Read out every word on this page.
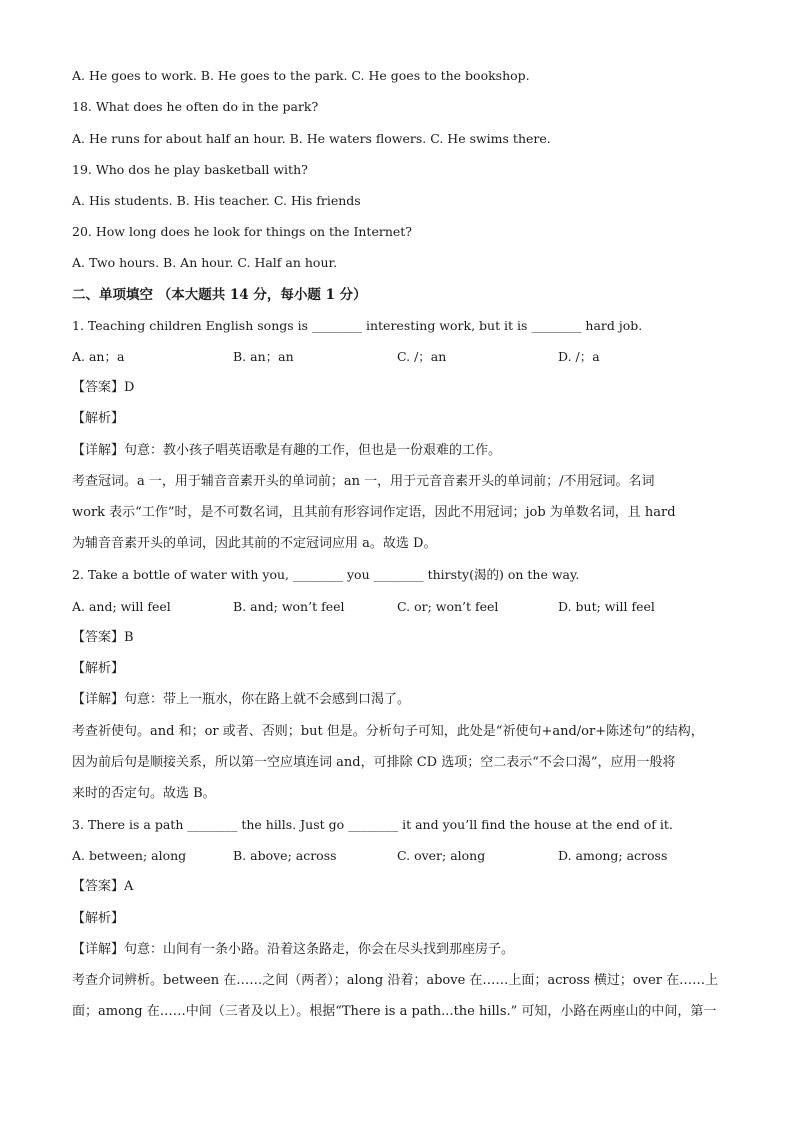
A. He goes to work. B. He goes to the park. C. He goes to the bookshop.
18. What does he often do in the park?
A. He runs for about half an hour. B. He waters flowers. C. He swims there.
19. Who dos he play basketball with?
A. His students. B. His teacher. C. His friends
20. How long does he look for things on the Internet?
A. Two hours. B. An hour. C. Half an hour.
二、单项填空 （本大题共 14 分，每小题 1 分）
1. Teaching children English songs is ________ interesting work, but it is ________ hard job.
A. an；a	B. an；an	C. /；an	D. /；a
【答案】D
【解析】
【详解】句意：教小孩子唱英语歌是有趣的工作，但也是一份艰难的工作。
考查冠词。a 一，用于辅音音素开头的单词前；an 一，用于元音音素开头的单词前；/不用冠词。名词
work 表示“工作”时，是不可数名词，且其前有形容词作定语，因此不用冠词；job 为单数名词，且 hard
为辅音音素开头的单词，因此其前的不定冠词应用 a。故选 D。
2. Take a bottle of water with you, ________ you ________ thirsty(渴的) on the way.
A. and; will feel	B. and; won’t feel	C. or; won’t feel	D. but; will feel
【答案】B
【解析】
【详解】句意：带上一瓶水，你在路上就不会感到口渴了。
考查祈使句。and 和；or 或者、否则；but 但是。分析句子可知，此处是“祈使句+and/or+陈述句”的结构，
因为前后句是顺接关系，所以第一空应填连词 and，可排除 CD 选项；空二表示“不会口渴”，应用一般将
来时的否定句。故选 B。
3. There is a path ________ the hills. Just go ________ it and you’ll find the house at the end of it.
A. between; along	B. above; across	C. over; along	D. among; across
【答案】A
【解析】
【详解】句意：山间有一条小路。沿着这条路走，你会在尽头找到那座房子。
考查介词辨析。between 在……之间（两者）；along 沿着；above 在……上面；across 横过；over 在……上
面；among 在……中间（三者及以上）。根据“There is a path...the hills.” 可知，小路在两座山的中间，第一
